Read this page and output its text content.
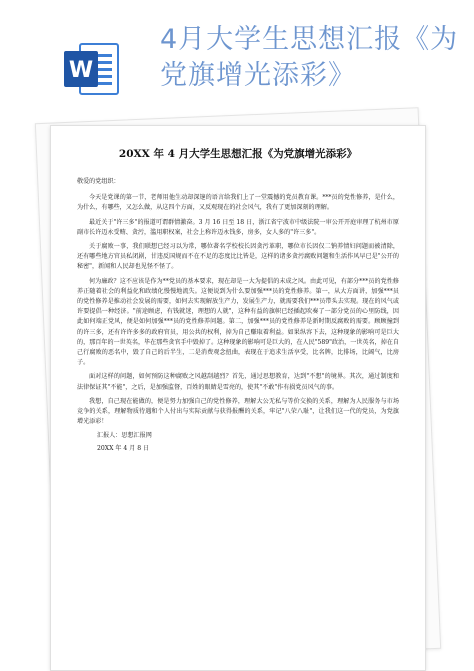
W
4月大学生思想汇报《为党旗增光添彩》
20XX 年 4 月大学生思想汇报《为党旗增光添彩》

敬爱的党组织：

今天是党课的第一节，老师用他生动却深邃的语言给我们上了一堂震撼的党员教育课。***员的党性修养，是什么，为什么，有哪些，又怎么做，从这四个方面，又反观现在的社会风气，我有了更加深刻的理解。

最近关于"许三多"的报道可谓群情激奋。3 月 16 日至 18 日，浙江省宁波市中级法院一审公开开庭审理了杭州市原副市长许迈永受贿、贪污，滥用职权案，社会上称许迈永钱多，房多，女人多的"许三多"。

关于腐败一事，我们联想已经习以为常，哪位著名学校校长因贪污革职，哪位市长因仅二钠养情妇问题而被清除，还有哪些地方官员私闭剧，甘违反国规而不在不足的态度比比皆是，这样的诸多贪污腐败问题和生活作风早已是"公开的秘密"，新闻和人民却也见怪不怪了。

何为廉政？这不应该是作为**党员的基本要求，现在却是一大为提倡的未成之风。由此可见，有部分***员的党性修养正随着社会的利益化和政绩化慢慢地流失。这便说到为什么要加强***员的党性修养。第一，从大方面讲，加强***员的党性修养是推动社会发展的需要，如何去实现解放生产力，发展生产力，就需要我们***员带头去实现。现在的风气或许要提倡一种经济。"前途顾虑，有钱就迷，理想的人就"，这种有益的旗帜已经插起吹奏了一部分党员的心里防线，因此如何端正党风，便是如何加强***员的党性修养问题。第二，加强***员的党性修养是新时期反腐败的需要。顾顾撞到的许三多，还有许许多多的政府官员，用公共的权利，掉为自己赚取着利益。如果纵容下去，这种现象的影响可是巨大的，那百年的一世英名，毕在那些贪官手中毁掉了。这种现象的影响可是巨大的，在人民"589"政治，一世英名，掉在自己行腐败的恶名中，毁了自己的后半生，二是消费观念扭曲，表现在于追求生活享受，比名牌，比排场，比阔气，比房子。

面对这样的问题，如何预防这种腐败之风越刮越烈？首先，通过思想教育，达到"不想"的境界。其次，通过制度和法律保证其"不能"，之后，是加强监督，百姓的眼睛是雪亮的，使其"不敢"作有损党员风气的事。

我想，自己现在能做的，便是努力加强自己的党性修养，理解大公无私与等价交换的关系，理解为人民服务与市场竞争的关系，理解物质待遇和个人付出与实际贡献与获得报酬的关系，牢记"八荣八耻"，让我们这一代的党员，为党旗增光添彩！

汇报人：思想汇报网

20XX 年 4 月 8 日
